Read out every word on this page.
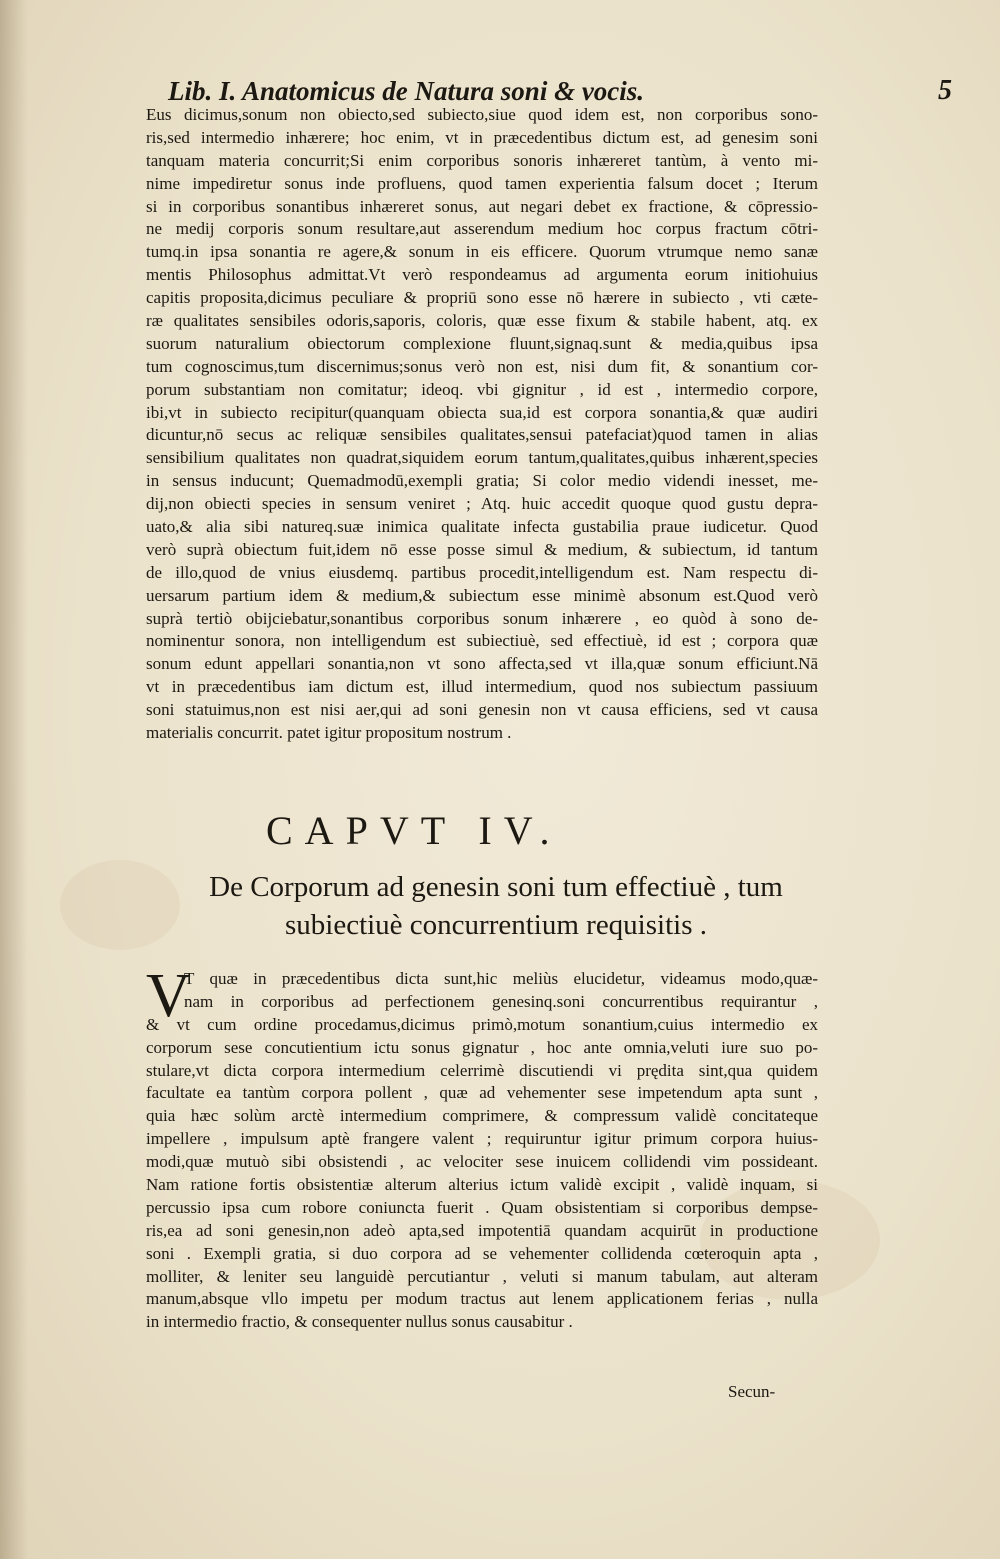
Lib. I. Anatomicus de Natura soni & vocis.	5
Eus dicimus,sonum non obiecto,sed subiecto,siue quod idem est, non corporibus sono-
ris,sed intermedio inhærere; hoc enim, vt in præcedentibus dictum est, ad genesim soni
tanquam materia concurrit;Si enim corporibus sonoris inhæreret tantùm, à vento mi-
nime impediretur sonus inde profluens, quod tamen experientia falsum docet ; Iterum
si in corporibus sonantibus inhæreret sonus, aut negari debet ex fractione, & cōpressio-
ne medij corporis sonum resultare,aut asserendum medium hoc corpus fractum cōtri-
tumq.in ipsa sonantia re agere,& sonum in eis efficere. Quorum vtrumque nemo sanæ
mentis Philosophus admittat.Vt verò respondeamus ad argumenta eorum initiohuius
capitis proposita,dicimus peculiare & propriū sono esse nō hærere in subiecto , vti cæte-
ræ qualitates sensibiles odoris,saporis, coloris, quæ esse fixum & stabile habent, atq. ex
suorum naturalium obiectorum complexione fluunt,signaq.sunt & media,quibus ipsa
tum cognoscimus,tum discernimus;sonus verò non est, nisi dum fit, & sonantium cor-
porum substantiam non comitatur; ideoq. vbi gignitur , id est , intermedio corpore,
ibi,vt in subiecto recipitur(quanquam obiecta sua,id est corpora sonantia,& quæ audiri
dicuntur,nō secus ac reliquæ sensibiles qualitates,sensui patefaciat)quod tamen in alias
sensibilium qualitates non quadrat,siquidem eorum tantum,qualitates,quibus inhærent,species
in sensus inducunt; Quemadmodū,exempli gratia; Si color medio videndi inesset, me-
dij,non obiecti species in sensum veniret ; Atq. huic accedit quoque quod gustu depra-
uato,& alia sibi natureq.suæ inimica qualitate infecta gustabilia praue iudicetur. Quod
verò suprà obiectum fuit,idem nō esse posse simul & medium, & subiectum, id tantum
de illo,quod de vnius eiusdemq. partibus procedit,intelligendum est. Nam respectu di-
uersarum partium idem & medium,& subiectum esse minimè absonum est.Quod verò
suprà tertiò obijciebatur,sonantibus corporibus sonum inhærere , eo quòd à sono de-
nominentur sonora, non intelligendum est subiectiuè, sed effectiuè, id est ; corpora quæ
sonum edunt appellari sonantia,non vt sono affecta,sed vt illa,quæ sonum efficiunt.Nā
vt in præcedentibus iam dictum est, illud intermedium, quod nos subiectum passiuum
soni statuimus,non est nisi aer,qui ad soni genesin non vt causa efficiens, sed vt causa
materialis concurrit. patet igitur propositum nostrum .
CAPVT IV.
De Corporum ad genesin soni tum effectiuè , tum
subiectiuè concurrentium requisitis .
V
T quæ in præcedentibus dicta sunt,hic meliùs elucidetur, videamus modo,quæ-
nam in corporibus ad perfectionem genesinq.soni concurrentibus requirantur ,
& vt cum ordine procedamus,dicimus primò,motum sonantium,cuius intermedio ex
corporum sese concutientium ictu sonus gignatur , hoc ante omnia,veluti iure suo po-
stulare,vt dicta corpora intermedium celerrimè discutiendi vi prędita sint,qua quidem
facultate ea tantùm corpora pollent , quæ ad vehementer sese impetendum apta sunt ,
quia hæc solùm arctè intermedium comprimere, & compressum validè concitateque
impellere , impulsum aptè frangere valent ; requiruntur igitur primum corpora huius-
modi,quæ mutuò sibi obsistendi , ac velociter sese inuicem collidendi vim possideant.
Nam ratione fortis obsistentiæ alterum alterius ictum validè excipit , validè inquam, si
percussio ipsa cum robore coniuncta fuerit . Quam obsistentiam si corporibus dempse-
ris,ea ad soni genesin,non adeò apta,sed impotentiā quandam acquirūt in productione
soni . Exempli gratia, si duo corpora ad se vehementer collidenda cœteroquin apta ,
molliter, & leniter seu languidè percutiantur , veluti si manum tabulam, aut alteram
manum,absque vllo impetu per modum tractus aut lenem applicationem ferias , nulla
in intermedio fractio, & consequenter nullus sonus causabitur .
Secun-
